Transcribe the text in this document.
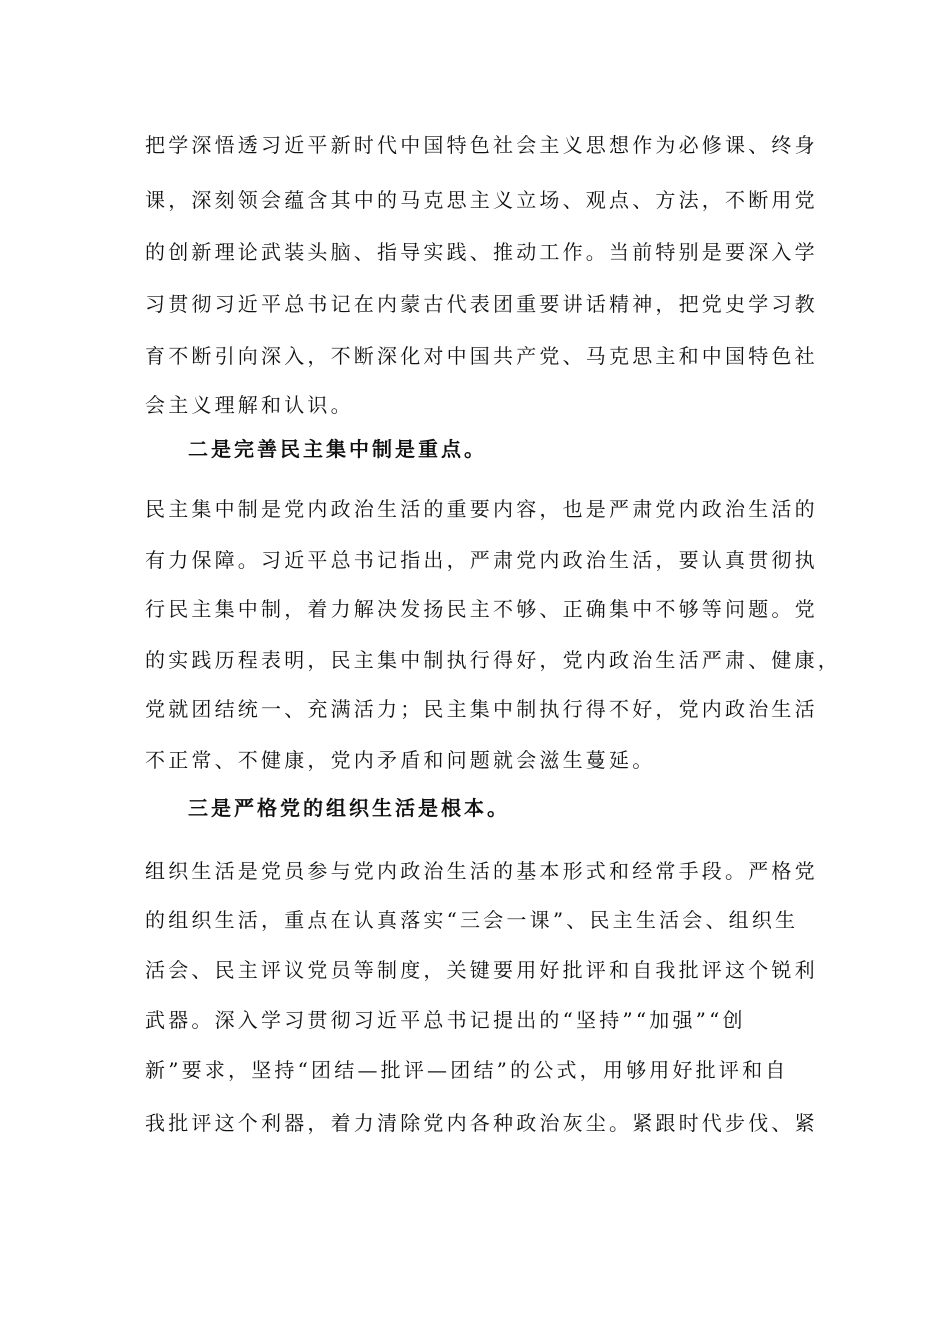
把学深悟透习近平新时代中国特色社会主义思想作为必修课、终身
课，深刻领会蕴含其中的马克思主义立场、观点、方法，不断用党
的创新理论武装头脑、指导实践、推动工作。当前特别是要深入学
习贯彻习近平总书记在内蒙古代表团重要讲话精神，把党史学习教
育不断引向深入，不断深化对中国共产党、马克思主和中国特色社
会主义理解和认识。
二是完善民主集中制是重点。
民主集中制是党内政治生活的重要内容，也是严肃党内政治生活的
有力保障。习近平总书记指出，严肃党内政治生活，要认真贯彻执
行民主集中制，着力解决发扬民主不够、正确集中不够等问题。党
的实践历程表明，民主集中制执行得好，党内政治生活严肃、健康，
党就团结统一、充满活力；民主集中制执行得不好，党内政治生活
不正常、不健康，党内矛盾和问题就会滋生蔓延。
三是严格党的组织生活是根本。
组织生活是党员参与党内政治生活的基本形式和经常手段。严格党
的组织生活，重点在认真落实“三会一课”、民主生活会、组织生
活会、民主评议党员等制度，关键要用好批评和自我批评这个锐利
武器。深入学习贯彻习近平总书记提出的“坚持”“加强”“创
新”要求，坚持“团结—批评—团结”的公式，用够用好批评和自
我批评这个利器，着力清除党内各种政治灰尘。紧跟时代步伐、紧
